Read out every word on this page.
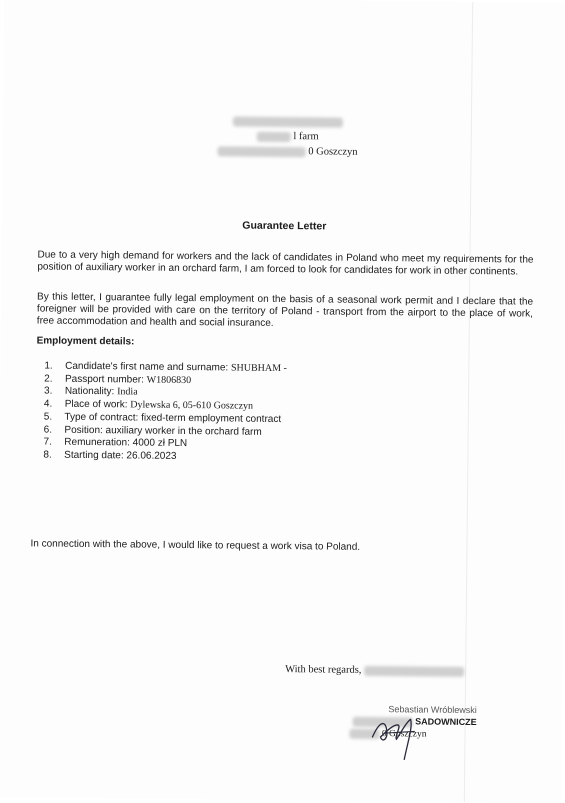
l farm
0 Goszczyn
Guarantee Letter
Due to a very high demand for workers and the lack of candidates in Poland who meet my requirements for the position of auxiliary worker in an orchard farm, I am forced to look for candidates for work in other continents.
By this letter, I guarantee fully legal employment on the basis of a seasonal work permit and I declare that the foreigner will be provided with care on the territory of Poland - transport from the airport to the place of work, free accommodation and health and social insurance.
Employment details:
1. Candidate's first name and surname: SHUBHAM -
2. Passport number: W1806830
3. Nationality: India
4. Place of work: Dylewska 6, 05-610 Goszczyn
5. Type of contract: fixed-term employment contract
6. Position: auxiliary worker in the orchard farm
7. Remuneration: 4000 zł PLN
8. Starting date: 26.06.2023
In connection with the above, I would like to request a work visa to Poland.
With best regards,
Sebastian Wróblewski
SADOWNICZE
0 Goszczyn
